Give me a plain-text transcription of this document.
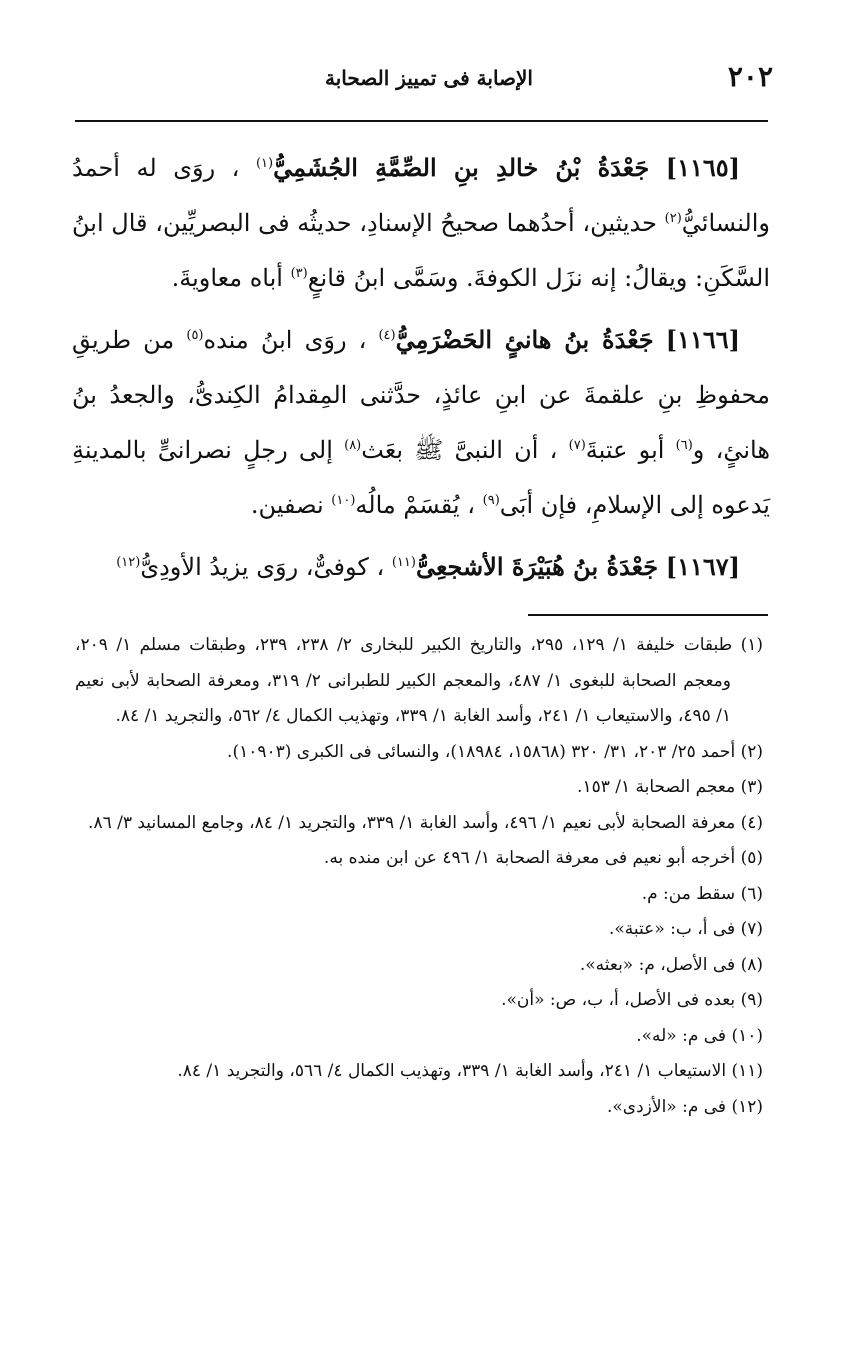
٢٠٢
الإصابة فى تمييز الصحابة

[١١٦٥] جَعْدَةُ بْنُ خالدِ بنِ الصِّمَّةِ الجُشَمِيُّ$^{(١)}$ ، روَى له أحمدُ والنسائيُّ$^{(٢)}$ حديثين، أحدُهما صحيحُ الإسنادِ، حديثُه فى البصريِّين، قال ابنُ السَّكَنِ: ويقالُ: إنه نزَل الكوفةَ. وسَمَّى ابنُ قانعٍ$^{(٣)}$ أباه معاويةَ.

[١١٦٦] جَعْدَةُ بنُ هانئٍ الحَضْرَمِيُّ$^{(٤)}$ ، روَى ابنُ منده$^{(٥)}$ من طريقِ محفوظِ بنِ علقمةَ عن ابنِ عائذٍ، حدَّثنى المِقدامُ الكِندىُّ، والجعدُ بنُ هانئٍ، و$^{(٦)}$ أبو عتبةَ$^{(٧)}$ ، أن النبىَّ ﷺ بعَث$^{(٨)}$ إلى رجلٍ نصرانىٍّ بالمدينةِ يَدعوه إلى الإسلامِ، فإن أبَى$^{(٩)}$ ، يُقسَمْ مالُه$^{(١٠)}$ نصفين.

[١١٦٧] جَعْدَةُ بنُ هُبَيْرَةَ الأشجعِىُّ$^{(١١)}$ ، كوفىٌّ، روَى يزيدُ الأودِىُّ$^{(١٢)}$

(١) طبقات خليفة ١/ ١٢٩، ٢٩٥، والتاريخ الكبير للبخارى ٢/ ٢٣٨، ٢٣٩، وطبقات مسلم ١/ ٢٠٩، ومعجم الصحابة للبغوى ١/ ٤٨٧، والمعجم الكبير للطبرانى ٢/ ٣١٩، ومعرفة الصحابة لأبى نعيم ١/ ٤٩٥، والاستيعاب ١/ ٢٤١، وأسد الغابة ١/ ٣٣٩، وتهذيب الكمال ٤/ ٥٦٢، والتجريد ١/ ٨٤.

(٢) أحمد ٢٥/ ٢٠٣، ٣١/ ٣٢٠ (١٥٨٦٨، ١٨٩٨٤)، والنسائى فى الكبرى (١٠٩٠٣).

(٣) معجم الصحابة ١/ ١٥٣.

(٤) معرفة الصحابة لأبى نعيم ١/ ٤٩٦، وأسد الغابة ١/ ٣٣٩، والتجريد ١/ ٨٤، وجامع المسانيد ٣/ ٨٦.

(٥) أخرجه أبو نعيم فى معرفة الصحابة ١/ ٤٩٦ عن ابن منده به.

(٦) سقط من: م.

(٧) فى أ، ب: «عتبة».

(٨) فى الأصل، م: «بعثه».

(٩) بعده فى الأصل، أ، ب، ص: «أن».

(١٠) فى م: «له».

(١١) الاستيعاب ١/ ٢٤١، وأسد الغابة ١/ ٣٣٩، وتهذيب الكمال ٤/ ٥٦٦، والتجريد ١/ ٨٤.

(١٢) فى م: «الأزدى».
